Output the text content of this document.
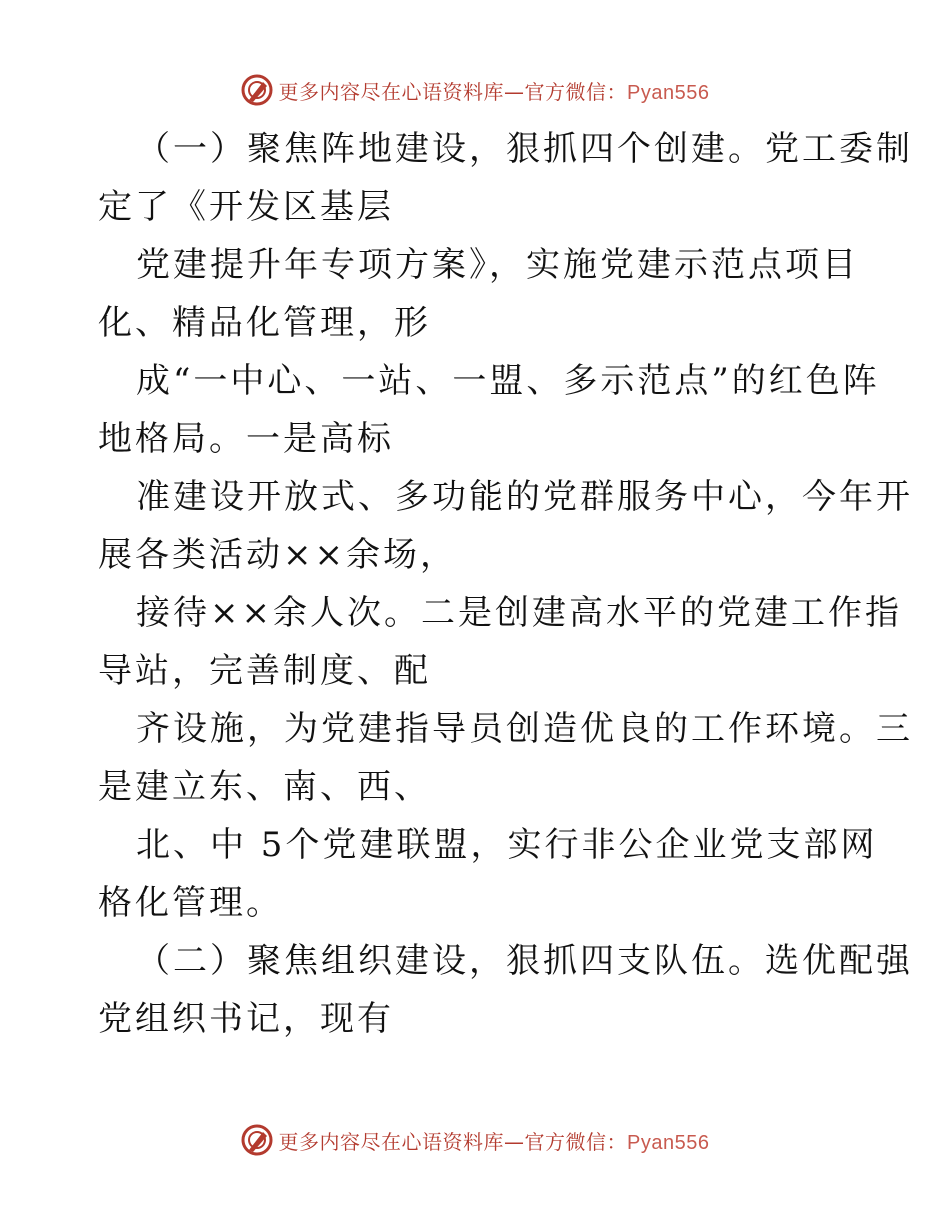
更多内容尽在心语资料库—官方微信：Pyan556
（一）聚焦阵地建设，狠抓四个创建。党工委制
定了《开发区基层
党建提升年专项方案》，实施党建示范点项目
化、精品化管理，形
成“一中心、一站、一盟、多示范点”的红色阵
地格局。一是高标
准建设开放式、多功能的党群服务中心，今年开
展各类活动××余场，
接待××余人次。二是创建高水平的党建工作指
导站，完善制度、配
齐设施，为党建指导员创造优良的工作环境。三
是建立东、南、西、
北、中 5个党建联盟，实行非公企业党支部网
格化管理。
（二）聚焦组织建设，狠抓四支队伍。选优配强
党组织书记，现有
更多内容尽在心语资料库—官方微信：Pyan556
